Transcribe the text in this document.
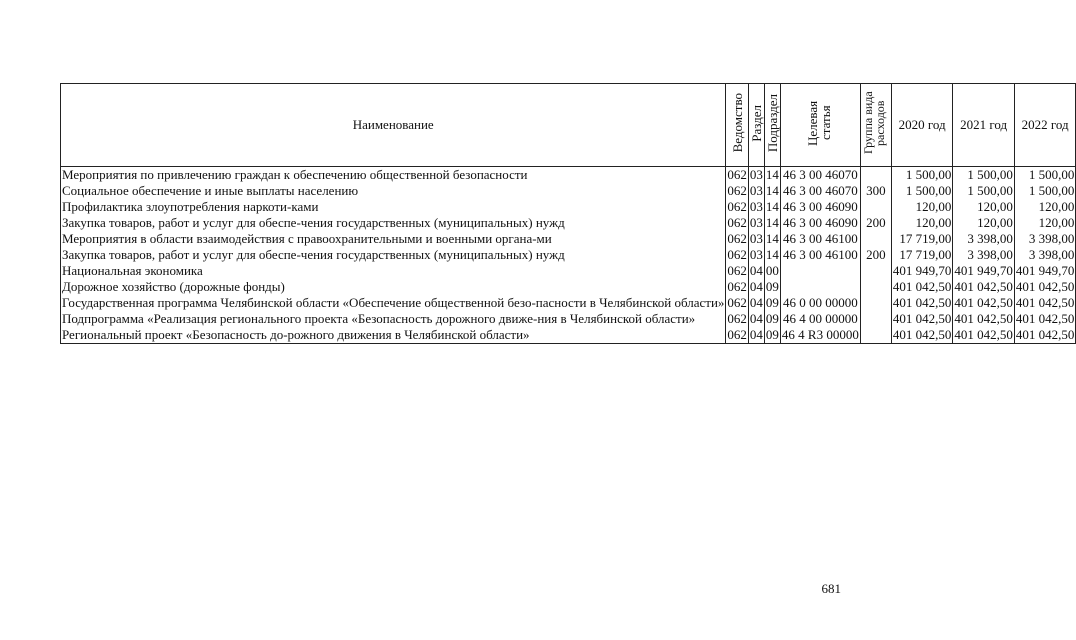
Наименование	Ведомство	Раздел	Подраздел	Целевая статья	Группа вида расходов	2020 год	2021 год	2022 год
Мероприятия по привлечению граждан к обеспечению общественной безопасности	062	03	14	46 3 00 46070		1 500,00	1 500,00	1 500,00
Социальное обеспечение и иные выплаты населению	062	03	14	46 3 00 46070	300	1 500,00	1 500,00	1 500,00
Профилактика злоупотребления наркоти-ками	062	03	14	46 3 00 46090		120,00	120,00	120,00
Закупка товаров, работ и услуг для обеспе-чения государственных (муниципальных) нужд	062	03	14	46 3 00 46090	200	120,00	120,00	120,00
Мероприятия в области взаимодействия с правоохранительными и военными органа-ми	062	03	14	46 3 00 46100		17 719,00	3 398,00	3 398,00
Закупка товаров, работ и услуг для обеспе-чения государственных (муниципальных) нужд	062	03	14	46 3 00 46100	200	17 719,00	3 398,00	3 398,00
Национальная экономика	062	04	00			401 949,70	401 949,70	401 949,70
Дорожное хозяйство (дорожные фонды)	062	04	09			401 042,50	401 042,50	401 042,50
Государственная программа Челябинской области «Обеспечение общественной безо-пасности в Челябинской области»	062	04	09	46 0 00 00000		401 042,50	401 042,50	401 042,50
Подпрограмма «Реализация регионального проекта «Безопасность дорожного движе-ния в Челябинской области»	062	04	09	46 4 00 00000		401 042,50	401 042,50	401 042,50
Региональный проект «Безопасность до-рожного движения в Челябинской области»	062	04	09	46 4 R3 00000		401 042,50	401 042,50	401 042,50
681
